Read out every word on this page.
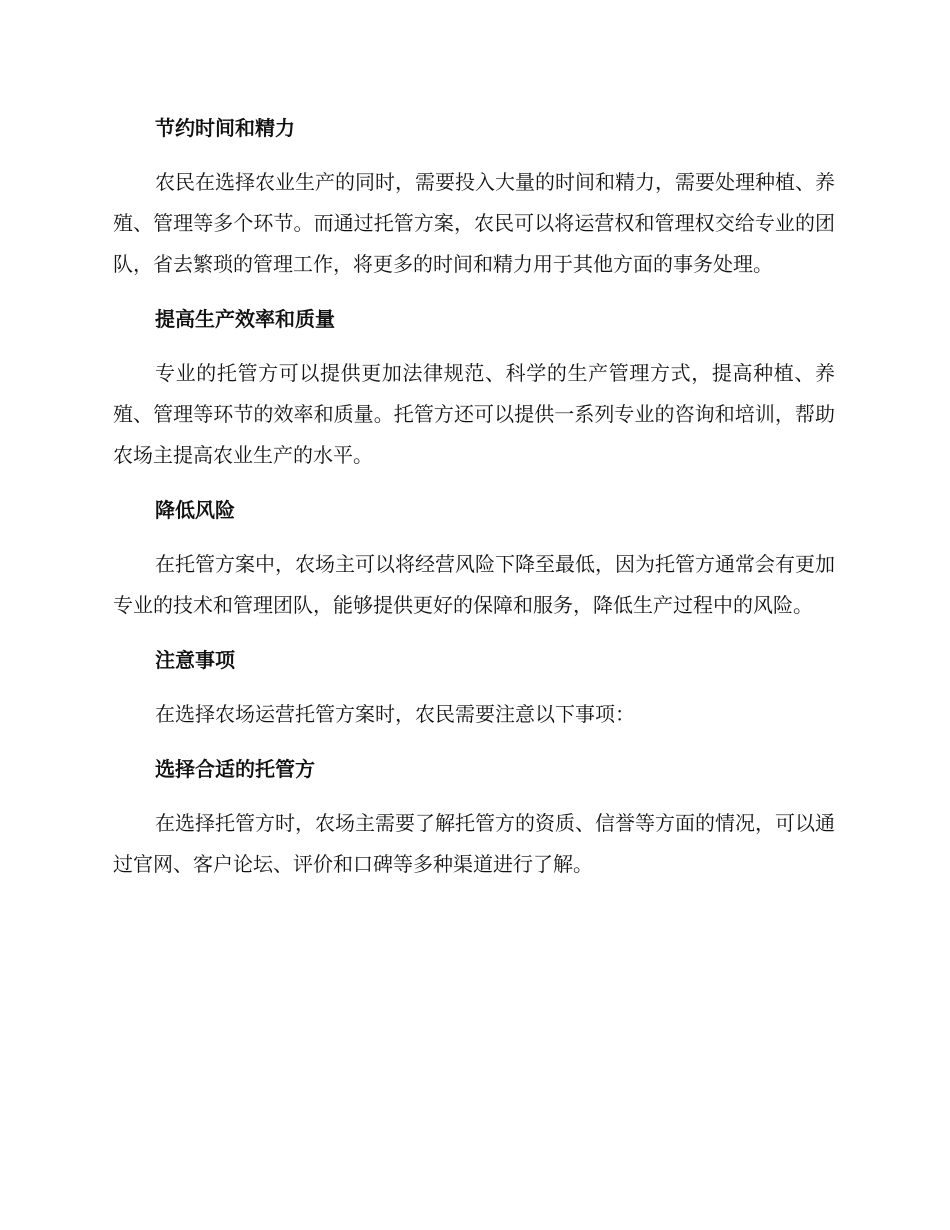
节约时间和精力

农民在选择农业生产的同时，需要投入大量的时间和精力，需要处理种植、养殖、管理等多个环节。而通过托管方案，农民可以将运营权和管理权交给专业的团队，省去繁琐的管理工作，将更多的时间和精力用于其他方面的事务处理。

提高生产效率和质量

专业的托管方可以提供更加法律规范、科学的生产管理方式，提高种植、养殖、管理等环节的效率和质量。托管方还可以提供一系列专业的咨询和培训，帮助农场主提高农业生产的水平。

降低风险

在托管方案中，农场主可以将经营风险下降至最低，因为托管方通常会有更加专业的技术和管理团队，能够提供更好的保障和服务，降低生产过程中的风险。

注意事项

在选择农场运营托管方案时，农民需要注意以下事项：

选择合适的托管方

在选择托管方时，农场主需要了解托管方的资质、信誉等方面的情况，可以通过官网、客户论坛、评价和口碑等多种渠道进行了解。
